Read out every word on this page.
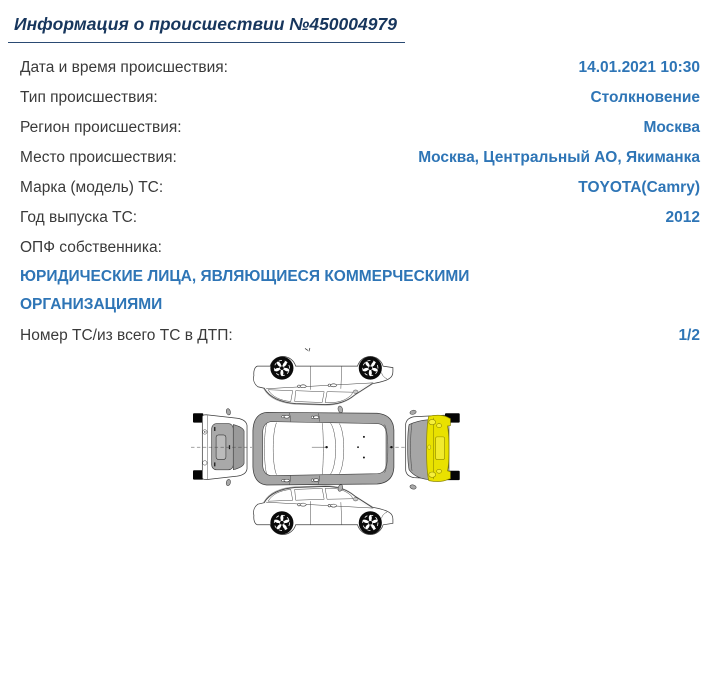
Информация о происшествии №450004979
Дата и время происшествия:	14.01.2021 10:30
Тип происшествия:	Столкновение
Регион происшествия:	Москва
Место происшествия:	Москва, Центральный АО, Якиманка
Марка (модель) ТС:	TOYOTA(Camry)
Год выпуска ТС:	2012
ОПФ собственника:
ЮРИДИЧЕСКИЕ ЛИЦА, ЯВЛЯЮЩИЕСЯ КОММЕРЧЕСКИМИ ОРГАНИЗАЦИЯМИ
Номер ТС/из всего ТС в ДТП:	1/2
